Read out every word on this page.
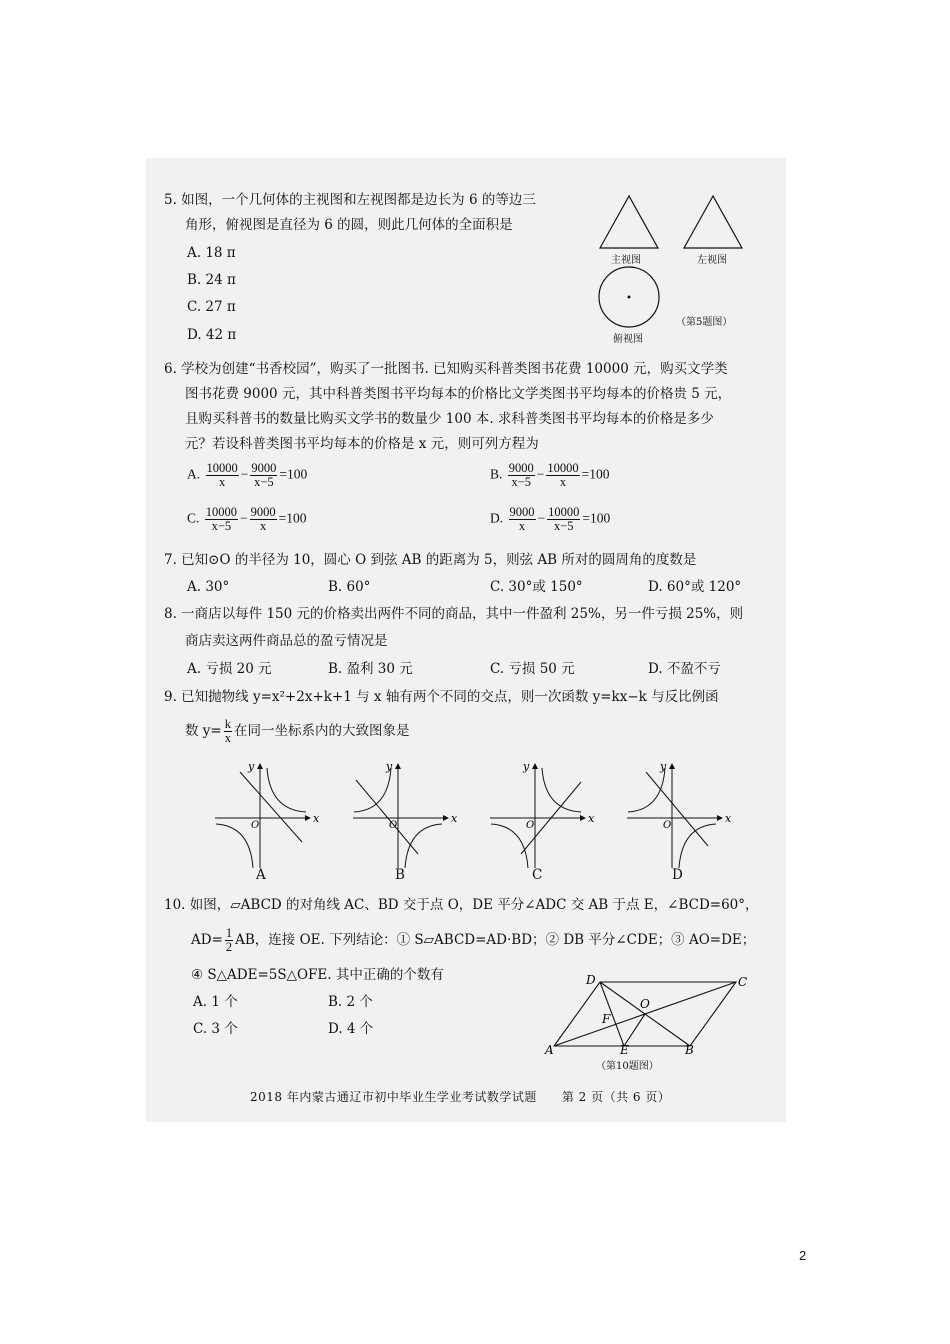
5. 如图，一个几何体的主视图和左视图都是边长为 6 的等边三
角形，俯视图是直径为 6 的圆，则此几何体的全面积是
A. 18 π
B. 24 π
C. 27 π
D. 42 π
主视图	左视图
俯视图
（第5题图）
6. 学校为创建“书香校园”，购买了一批图书. 已知购买科普类图书花费 10000 元，购买文学类
图书花费 9000 元，其中科普类图书平均每本的价格比文学类图书平均每本的价格贵 5 元，
且购买科普书的数量比购买文学书的数量少 100 本. 求科普类图书平均每本的价格是多少
元？若设科普类图书平均每本的价格是 x 元，则可列方程为
A. $\frac{10000}{x} - \frac{9000}{x-5} =100$	B. $\frac{9000}{x-5} - \frac{10000}{x} =100$
C. $\frac{10000}{x-5} - \frac{9000}{x} =100$	D. $\frac{9000}{x} - \frac{10000}{x-5} =100$
7. 已知⊙O 的半径为 10，圆心 O 到弦 AB 的距离为 5，则弦 AB 所对的圆周角的度数是
A. 30°	B. 60°	C. 30°或 150°	D. 60°或 120°
8. 一商店以每件 150 元的价格卖出两件不同的商品，其中一件盈利 25%，另一件亏损 25%，则
商店卖这两件商品总的盈亏情况是
A. 亏损 20 元	B. 盈利 30 元	C. 亏损 50 元	D. 不盈不亏
9. 已知抛物线 y=x²+2x+k+1 与 x 轴有两个不同的交点，则一次函数 y=kx−k 与反比例函
数 $y= \frac{k}{x}$ 在同一坐标系内的大致图象是
x
y
O
x
y
O
x
y
O
x
y
O
A	B	C	D
10. 如图，▱ABCD 的对角线 AC、BD 交于点 O，DE 平分∠ADC 交 AB 于点 E，∠BCD=60°，
$AD= \frac{1}{2}$ AB，连接 OE. 下列结论：① S▱ABCD=AD·BD；② DB 平分∠CDE；③ AO=DE；
④ S△ADE=5S△OFE. 其中正确的个数有
A. 1 个	B. 2 个
C. 3 个	D. 4 个
D	C
A	B
E
O
F
（第10题图）
2018 年内蒙古通辽市初中毕业生学业考试数学试题　　第 2 页（共 6 页）
2
